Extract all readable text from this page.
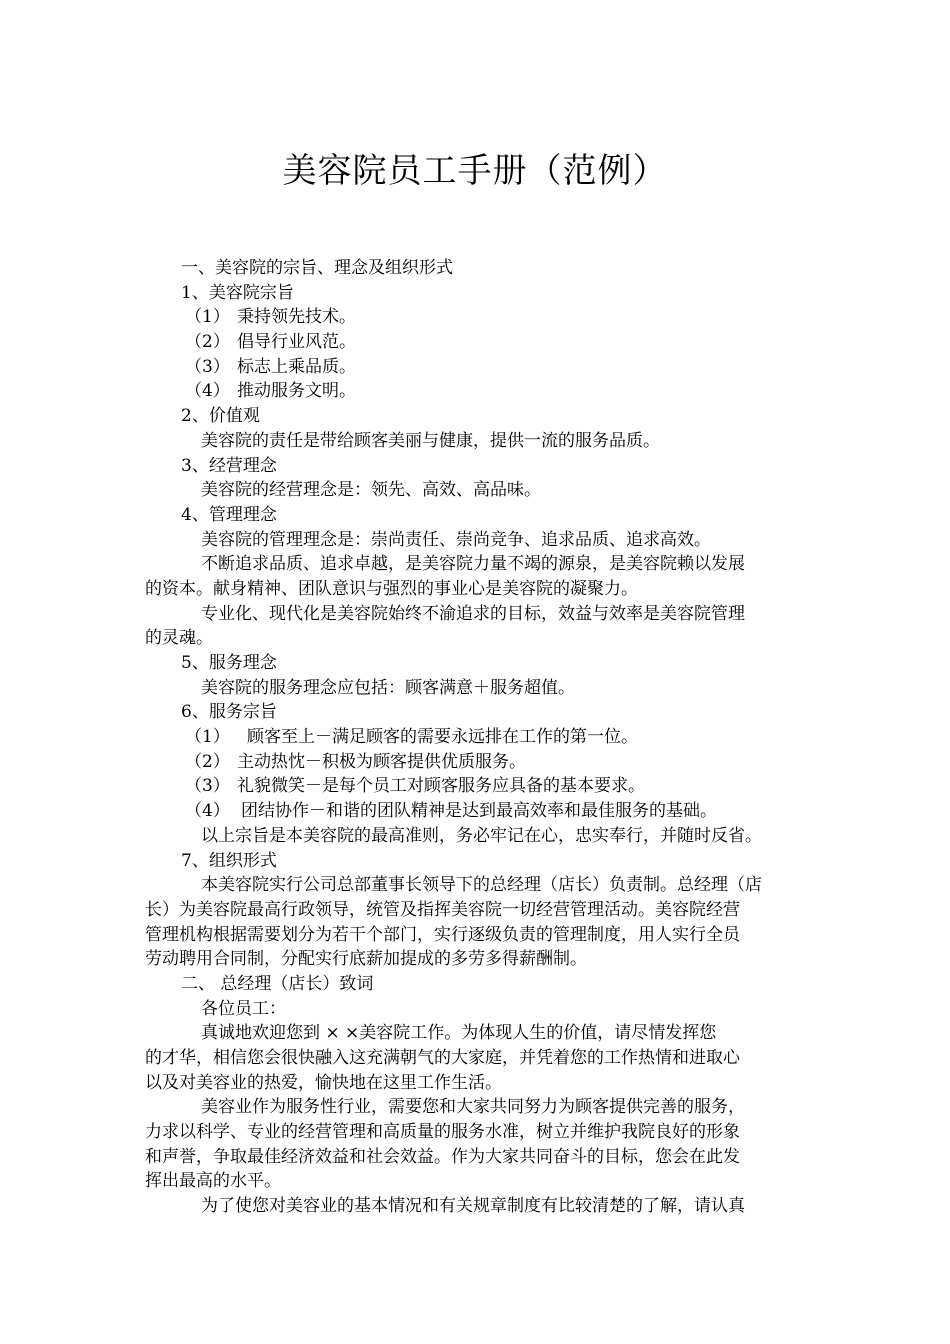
美容院员工手册（范例）
一、美容院的宗旨、理念及组织形式
1、美容院宗旨
（1） 秉持领先技术。
（2） 倡导行业风范。
（3） 标志上乘品质。
（4） 推动服务文明。
2、价值观
美容院的责任是带给顾客美丽与健康，提供一流的服务品质。
3、经营理念
美容院的经营理念是：领先、高效、高品味。
4、管理理念
美容院的管理理念是：崇尚责任、崇尚竞争、追求品质、追求高效。
不断追求品质、追求卓越，是美容院力量不竭的源泉，是美容院赖以发展
的资本。献身精神、团队意识与强烈的事业心是美容院的凝聚力。
专业化、现代化是美容院始终不渝追求的目标，效益与效率是美容院管理
的灵魂。
5、服务理念
美容院的服务理念应包括：顾客满意＋服务超值。
6、服务宗旨
（1） 顾客至上－满足顾客的需要永远排在工作的第一位。
（2） 主动热忱－积极为顾客提供优质服务。
（3） 礼貌微笑－是每个员工对顾客服务应具备的基本要求。
（4） 团结协作－和谐的团队精神是达到最高效率和最佳服务的基础。
以上宗旨是本美容院的最高准则，务必牢记在心，忠实奉行，并随时反省。
7、组织形式
本美容院实行公司总部董事长领导下的总经理（店长）负责制。总经理（店
长）为美容院最高行政领导，统管及指挥美容院一切经营管理活动。美容院经营
管理机构根据需要划分为若干个部门，实行逐级负责的管理制度，用人实行全员
劳动聘用合同制，分配实行底薪加提成的多劳多得薪酬制。
二、 总经理（店长）致词
各位员工：
真诚地欢迎您到 × ×美容院工作。为体现人生的价值，请尽情发挥您
的才华，相信您会很快融入这充满朝气的大家庭，并凭着您的工作热情和进取心
以及对美容业的热爱，愉快地在这里工作生活。
美容业作为服务性行业，需要您和大家共同努力为顾客提供完善的服务，
力求以科学、专业的经营管理和高质量的服务水准，树立并维护我院良好的形象
和声誉，争取最佳经济效益和社会效益。作为大家共同奋斗的目标，您会在此发
挥出最高的水平。
为了使您对美容业的基本情况和有关规章制度有比较清楚的了解，请认真
